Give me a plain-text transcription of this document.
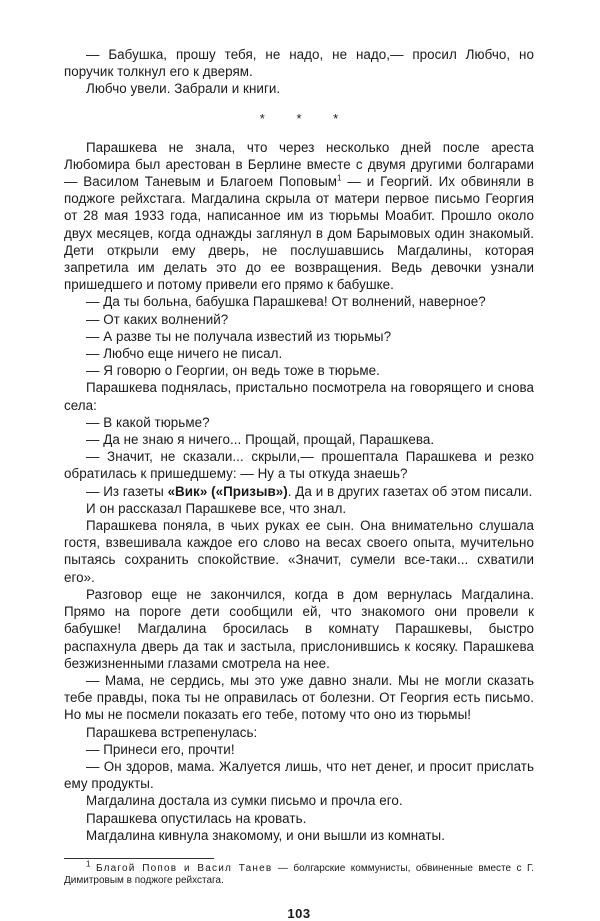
— Бабушка, прошу тебя, не надо, не надо,— просил Любчо, но поручик толкнул его к дверям.

Любчо увели. Забрали и книги.

* * *

Парашкева не знала, что через несколько дней после ареста Любомира был арестован в Берлине вместе с двумя другими болгарами — Василом Таневым и Благоем Поповым$^1$ — и Георгий. Их обвиняли в поджоге рейхстага. Магдалина скрыла от матери первое письмо Георгия от 28 мая 1933 года, написанное им из тюрьмы Моабит. Прошло около двух месяцев, когда однажды заглянул в дом Барымовых один знакомый. Дети открыли ему дверь, не послушавшись Магдалины, которая запретила им делать это до ее возвращения. Ведь девочки узнали пришедшего и потому привели его прямо к бабушке.

— Да ты больна, бабушка Парашкева! От волнений, наверное?

— От каких волнений?

— А разве ты не получала известий из тюрьмы?

— Любчо еще ничего не писал.

— Я говорю о Георгии, он ведь тоже в тюрьме.

Парашкева поднялась, пристально посмотрела на говорящего и снова села:

— В какой тюрьме?

— Да не знаю я ничего... Прощай, прощай, Парашкева.

— Значит, не сказали... скрыли,— прошептала Парашкева и резко обратилась к пришедшему: — Ну а ты откуда знаешь?

— Из газеты «Вик» («Призыв»). Да и в других газетах об этом писали.

И он рассказал Парашкеве все, что знал.

Парашкева поняла, в чьих руках ее сын. Она внимательно слушала гостя, взвешивала каждое его слово на весах своего опыта, мучительно пытаясь сохранить спокойствие. «Значит, сумели все-таки... схватили его».

Разговор еще не закончился, когда в дом вернулась Магдалина. Прямо на пороге дети сообщили ей, что знакомого они провели к бабушке! Магдалина бросилась в комнату Парашкевы, быстро распахнула дверь да так и застыла, прислонившись к косяку. Парашкева безжизненными глазами смотрела на нее.

— Мама, не сердись, мы это уже давно знали. Мы не могли сказать тебе правды, пока ты не оправилась от болезни. От Георгия есть письмо. Но мы не посмели показать его тебе, потому что оно из тюрьмы!

Парашкева встрепенулась:

— Принеси его, прочти!

— Он здоров, мама. Жалуется лишь, что нет денег, и просит прислать ему продукты.

Магдалина достала из сумки письмо и прочла его.

Парашкева опустилась на кровать.

Магдалина кивнула знакомому, и они вышли из комнаты.

$^1$ Благой Попов и Васил Танев — болгарские коммунисты, обвиненные вместе с Г. Димитровым в поджоге рейхстага.

103
